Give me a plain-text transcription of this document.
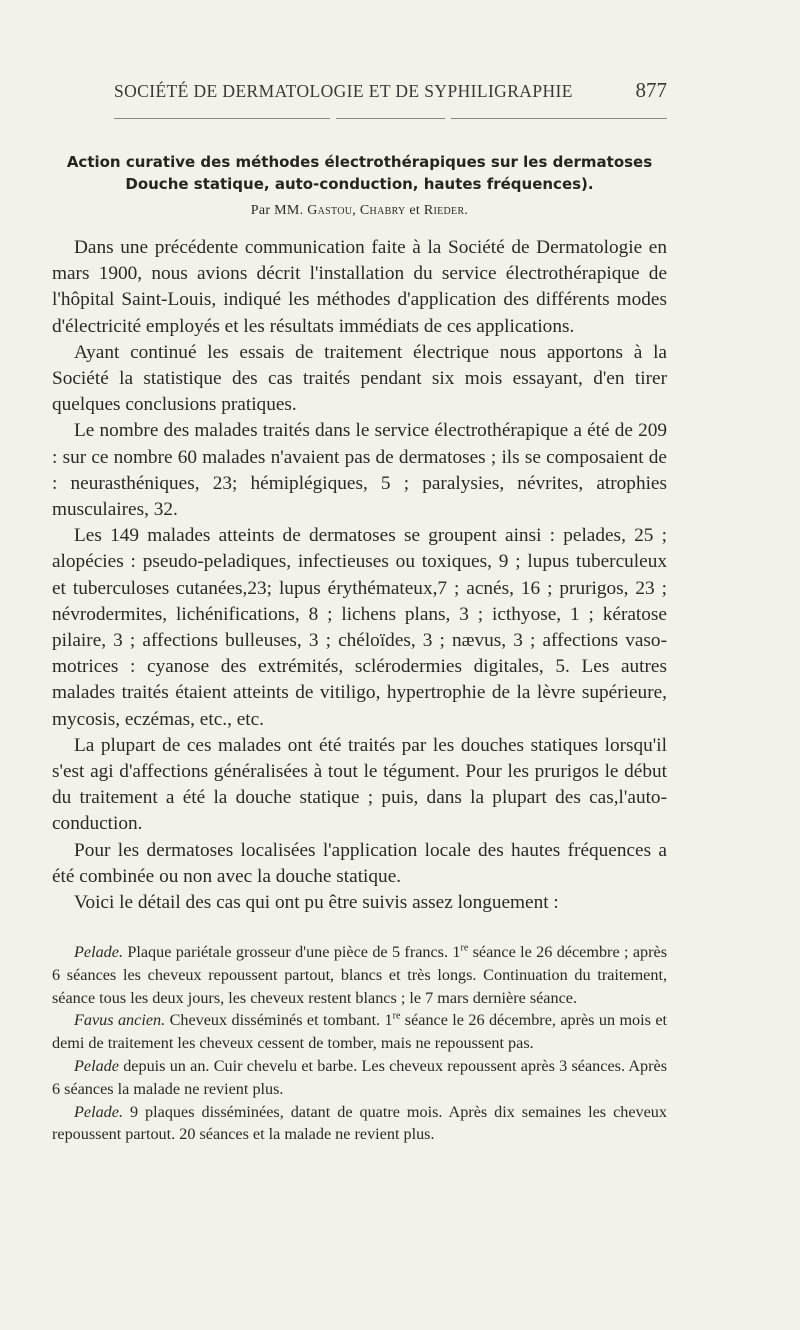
SOCIÉTÉ DE DERMATOLOGIE ET DE SYPHILIGRAPHIE	877
Action curative des méthodes électrothérapiques sur les dermatoses
Douche statique, auto-conduction, hautes fréquences).
Par MM. Gastou, Chabry et Rieder.

Dans une précédente communication faite à la Société de Dermatologie en mars 1900, nous avions décrit l'installation du service électrothérapique de l'hôpital Saint-Louis, indiqué les méthodes d'application des différents modes d'électricité employés et les résultats immédiats de ces applications.

Ayant continué les essais de traitement électrique nous apportons à la Société la statistique des cas traités pendant six mois essayant, d'en tirer quelques conclusions pratiques.

Le nombre des malades traités dans le service électrothérapique a été de 209 : sur ce nombre 60 malades n'avaient pas de dermatoses ; ils se composaient de : neurasthéniques, 23; hémiplégiques, 5 ; paralysies, névrites, atrophies musculaires, 32.

Les 149 malades atteints de dermatoses se groupent ainsi : pelades, 25 ; alopécies : pseudo-peladiques, infectieuses ou toxiques, 9 ; lupus tuberculeux et tuberculoses cutanées,23; lupus érythémateux,7 ; acnés, 16 ; prurigos, 23 ; névrodermites, lichénifications, 8 ; lichens plans, 3 ; icthyose, 1 ; kératose pilaire, 3 ; affections bulleuses, 3 ; chéloïdes, 3 ; nævus, 3 ; affections vaso-motrices : cyanose des extrémités, sclérodermies digitales, 5. Les autres malades traités étaient atteints de vitiligo, hypertrophie de la lèvre supérieure, mycosis, eczémas, etc., etc.

La plupart de ces malades ont été traités par les douches statiques lorsqu'il s'est agi d'affections généralisées à tout le tégument. Pour les prurigos le début du traitement a été la douche statique ; puis, dans la plupart des cas,l'auto-conduction.

Pour les dermatoses localisées l'application locale des hautes fréquences a été combinée ou non avec la douche statique.

Voici le détail des cas qui ont pu être suivis assez longuement :

Pelade. Plaque pariétale grosseur d'une pièce de 5 francs. 1re séance le 26 décembre ; après 6 séances les cheveux repoussent partout, blancs et très longs. Continuation du traitement, séance tous les deux jours, les cheveux restent blancs ; le 7 mars dernière séance.

Favus ancien. Cheveux disséminés et tombant. 1re séance le 26 décembre, après un mois et demi de traitement les cheveux cessent de tomber, mais ne repoussent pas.

Pelade depuis un an. Cuir chevelu et barbe. Les cheveux repoussent après 3 séances. Après 6 séances la malade ne revient plus.

Pelade. 9 plaques disséminées, datant de quatre mois. Après dix semaines les cheveux repoussent partout. 20 séances et la malade ne revient plus.
